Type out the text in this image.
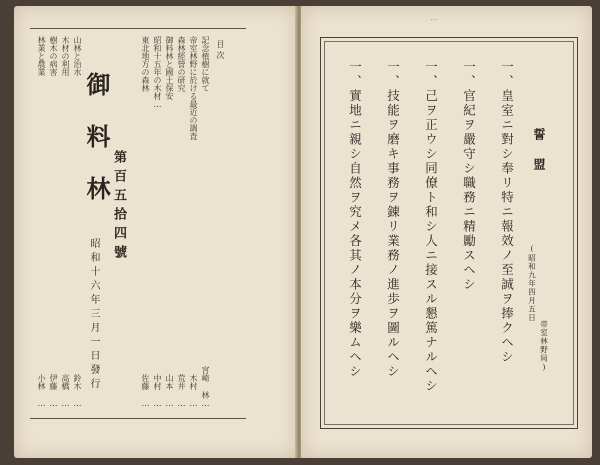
目次
記念植樹に就て
宮崎 林…
帝室林野に於ける最近の調査
木村 …
森林經營の研究
荒井 …
御料林と國土保安
山本 …
昭和十五年の木材…
中村 …
東北地方の森林
佐藤 …
山林と治水
鈴木 …
木材の利用
高橋 …
樹木の病害
伊藤 …
林業と農業
小林 …
御料林 第百五拾四號
昭和十六年三月一日發行
…
誓盟
一、皇室ニ對シ奉リ特ニ報效ノ至誠ヲ捧クヘシ
一、官紀ヲ嚴守シ職務ニ精勵スヘシ
一、己ヲ正ウシ同僚ト和シ人ニ接スル懇篤ナルヘシ
一、技能ヲ磨キ事務ヲ錬リ業務ノ進歩ヲ圖ルヘシ
一、實地ニ親シ自然ヲ究メ各其ノ本分ヲ樂ムヘシ	(昭和九年四月五日
帝室林野局)
